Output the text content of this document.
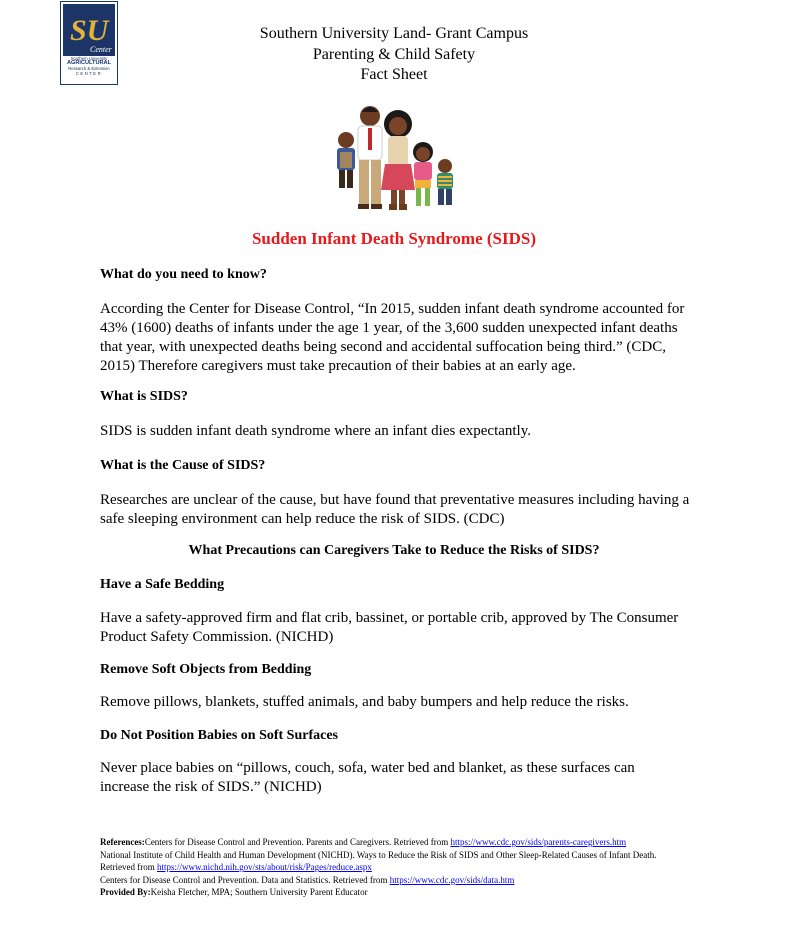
SU
Center
Southern University
AGRICULTURAL
Research & Extension
CENTER
Southern University Land- Grant Campus
Parenting & Child Safety
Fact Sheet
Sudden Infant Death Syndrome (SIDS)
What do you need to know?
According the Center for Disease Control, “In 2015, sudden infant death syndrome accounted for 43% (1600) deaths of infants under the age 1 year, of the 3,600 sudden unexpected infant deaths that year, with unexpected deaths being second and accidental suffocation being third.” (CDC, 2015) Therefore caregivers must take precaution of their babies at an early age.
What is SIDS?
SIDS is sudden infant death syndrome where an infant dies expectantly.
What is the Cause of SIDS?
Researches are unclear of the cause, but have found that preventative measures including having a safe sleeping environment can help reduce the risk of SIDS. (CDC)
What Precautions can Caregivers Take to Reduce the Risks of SIDS?
Have a Safe Bedding
Have a safety-approved firm and flat crib, bassinet, or portable crib, approved by The Consumer Product Safety Commission. (NICHD)
Remove Soft Objects from Bedding
Remove pillows, blankets, stuffed animals, and baby bumpers and help reduce the risks.
Do Not Position Babies on Soft Surfaces
Never place babies on “pillows, couch, sofa, water bed and blanket, as these surfaces can increase the risk of SIDS.” (NICHD)
References:Centers for Disease Control and Prevention. Parents and Caregivers. Retrieved from https://www.cdc.gov/sids/parents-caregivers.htm
National Institute of Child Health and Human Development (NICHD). Ways to Reduce the Risk of SIDS and Other Sleep-Related Causes of Infant Death. Retrieved from https://www.nichd.nih.gov/sts/about/risk/Pages/reduce.aspx
Centers for Disease Control and Prevention. Data and Statistics. Retrieved from https://www.cdc.gov/sids/data.htm
Provided By:Keisha Fletcher, MPA; Southern University Parent Educator
